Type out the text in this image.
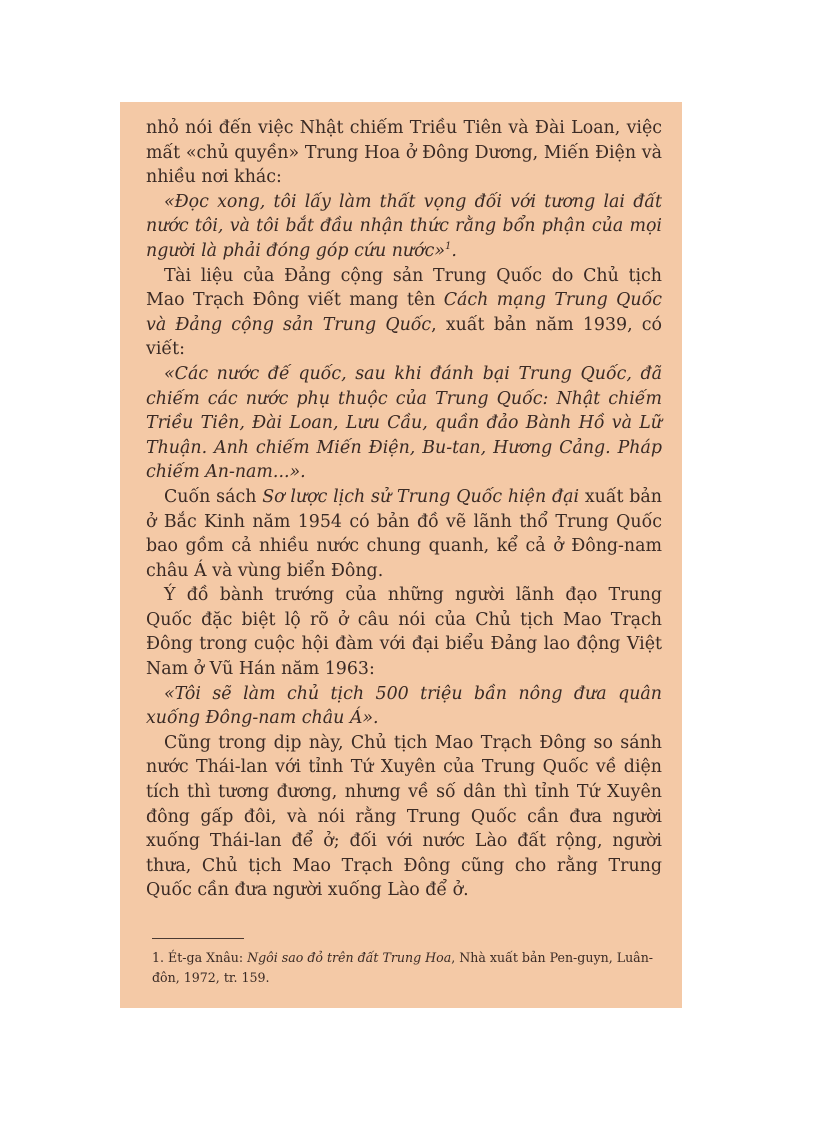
nhỏ nói đến việc Nhật chiếm Triều Tiên và Đài Loan, việc mất «chủ quyền» Trung Hoa ở Đông Dương, Miến Điện và nhiều nơi khác:

«Đọc xong, tôi lấy làm thất vọng đối với tương lai đất nước tôi, và tôi bắt đầu nhận thức rằng bổn phận của mọi người là phải đóng góp cứu nước»$^1$.

Tài liệu của Đảng cộng sản Trung Quốc do Chủ tịch Mao Trạch Đông viết mang tên Cách mạng Trung Quốc và Đảng cộng sản Trung Quốc, xuất bản năm 1939, có viết:

«Các nước đế quốc, sau khi đánh bại Trung Quốc, đã chiếm các nước phụ thuộc của Trung Quốc: Nhật chiếm Triều Tiên, Đài Loan, Lưu Cầu, quần đảo Bành Hồ và Lữ Thuận. Anh chiếm Miến Điện, Bu-tan, Hương Cảng. Pháp chiếm An-nam...».

Cuốn sách Sơ lược lịch sử Trung Quốc hiện đại xuất bản ở Bắc Kinh năm 1954 có bản đồ vẽ lãnh thổ Trung Quốc bao gồm cả nhiều nước chung quanh, kể cả ở Đông-nam châu Á và vùng biển Đông.

Ý đồ bành trướng của những người lãnh đạo Trung Quốc đặc biệt lộ rõ ở câu nói của Chủ tịch Mao Trạch Đông trong cuộc hội đàm với đại biểu Đảng lao động Việt Nam ở Vũ Hán năm 1963:

«Tôi sẽ làm chủ tịch 500 triệu bần nông đưa quân xuống Đông-nam châu Á».

Cũng trong dịp này, Chủ tịch Mao Trạch Đông so sánh nước Thái-lan với tỉnh Tứ Xuyên của Trung Quốc về diện tích thì tương đương, nhưng về số dân thì tỉnh Tứ Xuyên đông gấp đôi, và nói rằng Trung Quốc cần đưa người xuống Thái-lan để ở; đối với nước Lào đất rộng, người thưa, Chủ tịch Mao Trạch Đông cũng cho rằng Trung Quốc cần đưa người xuống Lào để ở.

1. Ét-ga Xnâu: Ngôi sao đỏ trên đất Trung Hoa, Nhà xuất bản Pen-guyn, Luân-đôn, 1972, tr. 159.
